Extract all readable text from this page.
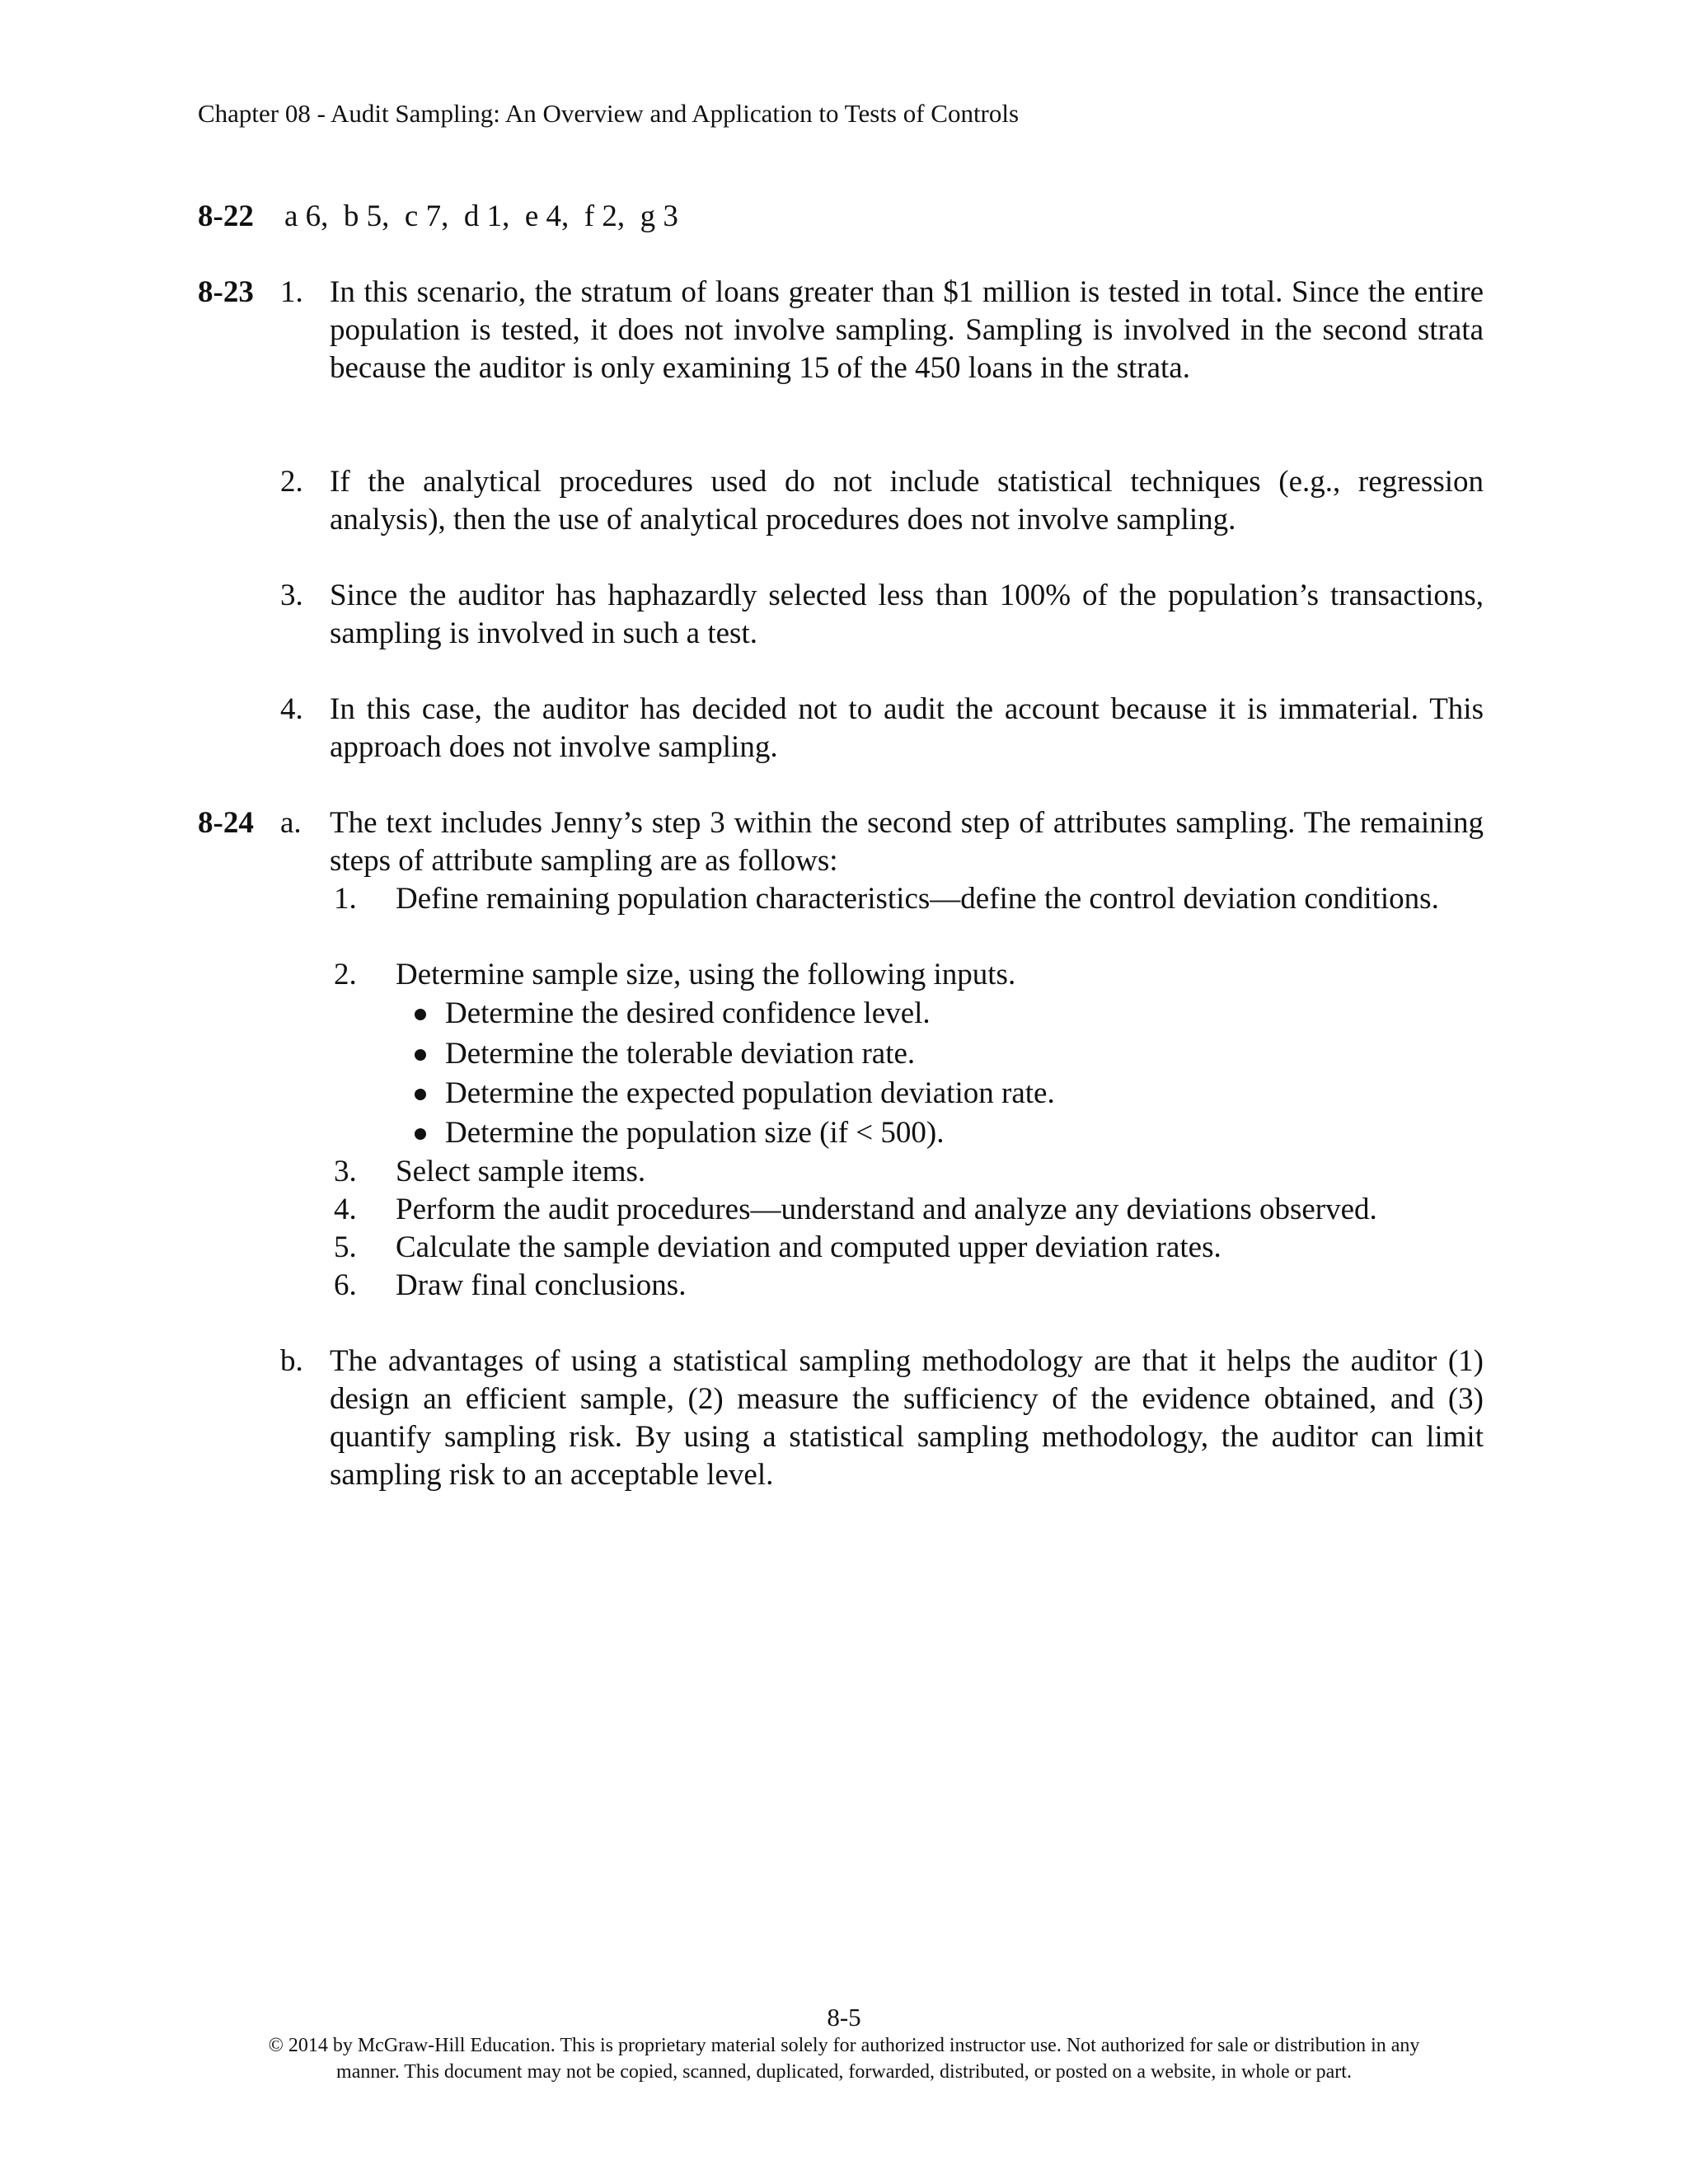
Chapter 08 - Audit Sampling: An Overview and Application to Tests of Controls
8-22 a 6,  b 5,  c 7,  d 1,  e 4,  f 2,  g 3
8-23 1. In this scenario, the stratum of loans greater than $1 million is tested in total. Since the entire population is tested, it does not involve sampling. Sampling is involved in the second strata because the auditor is only examining 15 of the 450 loans in the strata.
2. If the analytical procedures used do not include statistical techniques (e.g., regression analysis), then the use of analytical procedures does not involve sampling.
3. Since the auditor has haphazardly selected less than 100% of the population’s transactions, sampling is involved in such a test.
4. In this case, the auditor has decided not to audit the account because it is immaterial. This approach does not involve sampling.
8-24 a. The text includes Jenny’s step 3 within the second step of attributes sampling. The remaining steps of attribute sampling are as follows:
1.	Define remaining population characteristics—define the control deviation conditions.
2.	Determine sample size, using the following inputs.
Determine the desired confidence level.
Determine the tolerable deviation rate.
Determine the expected population deviation rate.
Determine the population size (if < 500).
3.	Select sample items.
4.	Perform the audit procedures—understand and analyze any deviations observed.
5.	Calculate the sample deviation and computed upper deviation rates.
6.	Draw final conclusions.
b. The advantages of using a statistical sampling methodology are that it helps the auditor (1) design an efficient sample, (2) measure the sufficiency of the evidence obtained, and (3) quantify sampling risk. By using a statistical sampling methodology, the auditor can limit sampling risk to an acceptable level.
8-5
© 2014 by McGraw-Hill Education. This is proprietary material solely for authorized instructor use. Not authorized for sale or distribution in any
manner. This document may not be copied, scanned, duplicated, forwarded, distributed, or posted on a website, in whole or part.
